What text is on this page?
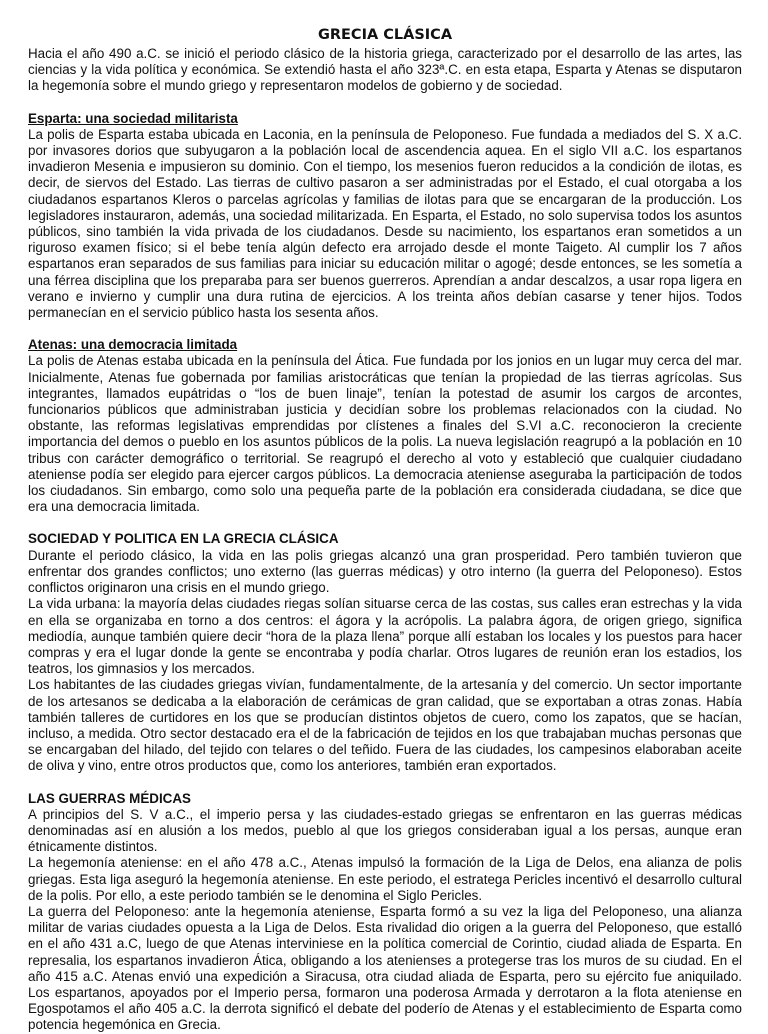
GRECIA CLÁSICA

Hacia el año 490 a.C. se inició el periodo clásico de la historia griega, caracterizado por el desarrollo de las artes, las ciencias y la vida política y económica. Se extendió hasta el año 323ª.C. en esta etapa, Esparta y Atenas se disputaron la hegemonía sobre el mundo griego y representaron modelos de gobierno y de sociedad.

Esparta: una sociedad militarista

La polis de Esparta estaba ubicada en Laconia, en la península de Peloponeso. Fue fundada a mediados del S. X a.C. por invasores dorios que subyugaron a la población local de ascendencia aquea. En el siglo VII a.C. los espartanos invadieron Mesenia e impusieron su dominio. Con el tiempo, los mesenios fueron reducidos a la condición de ilotas, es decir, de siervos del Estado. Las tierras de cultivo pasaron a ser administradas por el Estado, el cual otorgaba a los ciudadanos espartanos Kleros o parcelas agrícolas y familias de ilotas para que se encargaran de la producción. Los legisladores instauraron, además, una sociedad militarizada. En Esparta, el Estado, no solo supervisa todos los asuntos públicos, sino también la vida privada de los ciudadanos. Desde su nacimiento, los espartanos eran sometidos a un riguroso examen físico; si el bebe tenía algún defecto era arrojado desde el monte Taigeto. Al cumplir los 7 años espartanos eran separados de sus familias para iniciar su educación militar o agogé; desde entonces, se les sometía a una férrea disciplina que los preparaba para ser buenos guerreros. Aprendían a andar descalzos, a usar ropa ligera en verano e invierno y cumplir una dura rutina de ejercicios. A los treinta años debían casarse y tener hijos. Todos permanecían en el servicio público hasta los sesenta años.

Atenas: una democracia limitada

La polis de Atenas estaba ubicada en la península del Ática. Fue fundada por los jonios en un lugar muy cerca del mar. Inicialmente, Atenas fue gobernada por familias aristocráticas que tenían la propiedad de las tierras agrícolas. Sus integrantes, llamados eupátridas o “los de buen linaje”, tenían la potestad de asumir los cargos de arcontes, funcionarios públicos que administraban justicia y decidían sobre los problemas relacionados con la ciudad. No obstante, las reformas legislativas emprendidas por clístenes a finales del S.VI a.C. reconocieron la creciente importancia del demos o pueblo en los asuntos públicos de la polis. La nueva legislación reagrupó a la población en 10 tribus con carácter demográfico o territorial. Se reagrupó el derecho al voto y estableció que cualquier ciudadano ateniense podía ser elegido para ejercer cargos públicos. La democracia ateniense aseguraba la participación de todos los ciudadanos. Sin embargo, como solo una pequeña parte de la población era considerada ciudadana, se dice que era una democracia limitada.

SOCIEDAD Y POLITICA EN LA GRECIA CLÁSICA

Durante el periodo clásico, la vida en las polis griegas alcanzó una gran prosperidad. Pero también tuvieron que enfrentar dos grandes conflictos; uno externo (las guerras médicas) y otro interno (la guerra del Peloponeso). Estos conflictos originaron una crisis en el mundo griego.

La vida urbana: la mayoría delas ciudades riegas solían situarse cerca de las costas, sus calles eran estrechas y la vida en ella se organizaba en torno a dos centros: el ágora y la acrópolis. La palabra ágora, de origen griego, significa mediodía, aunque también quiere decir “hora de la plaza llena” porque allí estaban los locales y los puestos para hacer compras y era el lugar donde la gente se encontraba y podía charlar. Otros lugares de reunión eran los estadios, los teatros, los gimnasios y los mercados.

Los habitantes de las ciudades griegas vivían, fundamentalmente, de la artesanía y del comercio. Un sector importante de los artesanos se dedicaba a la elaboración de cerámicas de gran calidad, que se exportaban a otras zonas. Había también talleres de curtidores en los que se producían distintos objetos de cuero, como los zapatos, que se hacían, incluso, a medida. Otro sector destacado era el de la fabricación de tejidos en los que trabajaban muchas personas que se encargaban del hilado, del tejido con telares o del teñido. Fuera de las ciudades, los campesinos elaboraban aceite de oliva y vino, entre otros productos que, como los anteriores, también eran exportados.

LAS GUERRAS MÉDICAS

A principios del S. V a.C., el imperio persa y las ciudades-estado griegas se enfrentaron en las guerras médicas denominadas así en alusión a los medos, pueblo al que los griegos consideraban igual a los persas, aunque eran étnicamente distintos.

La hegemonía ateniense: en el año 478 a.C., Atenas impulsó la formación de la Liga de Delos, ena alianza de polis griegas. Esta liga aseguró la hegemonía ateniense. En este periodo, el estratega Pericles incentivó el desarrollo cultural de la polis. Por ello, a este periodo también se le denomina el Siglo Pericles.

La guerra del Peloponeso: ante la hegemonía ateniense, Esparta formó a su vez la liga del Peloponeso, una alianza militar de varias ciudades opuesta a la Liga de Delos. Esta rivalidad dio origen a la guerra del Peloponeso, que estalló en el año 431 a.C, luego de que Atenas interviniese en la política comercial de Corintio, ciudad aliada de Esparta. En represalia, los espartanos invadieron Ática, obligando a los atenienses a protegerse tras los muros de su ciudad. En el año 415 a.C. Atenas envió una expedición a Siracusa, otra ciudad aliada de Esparta, pero su ejército fue aniquilado. Los espartanos, apoyados por el Imperio persa, formaron una poderosa Armada y derrotaron a la flota ateniense en Egospotamos el año 405 a.C. la derrota significó el debate del poderío de Atenas y el establecimiento de Esparta como potencia hegemónica en Grecia.
